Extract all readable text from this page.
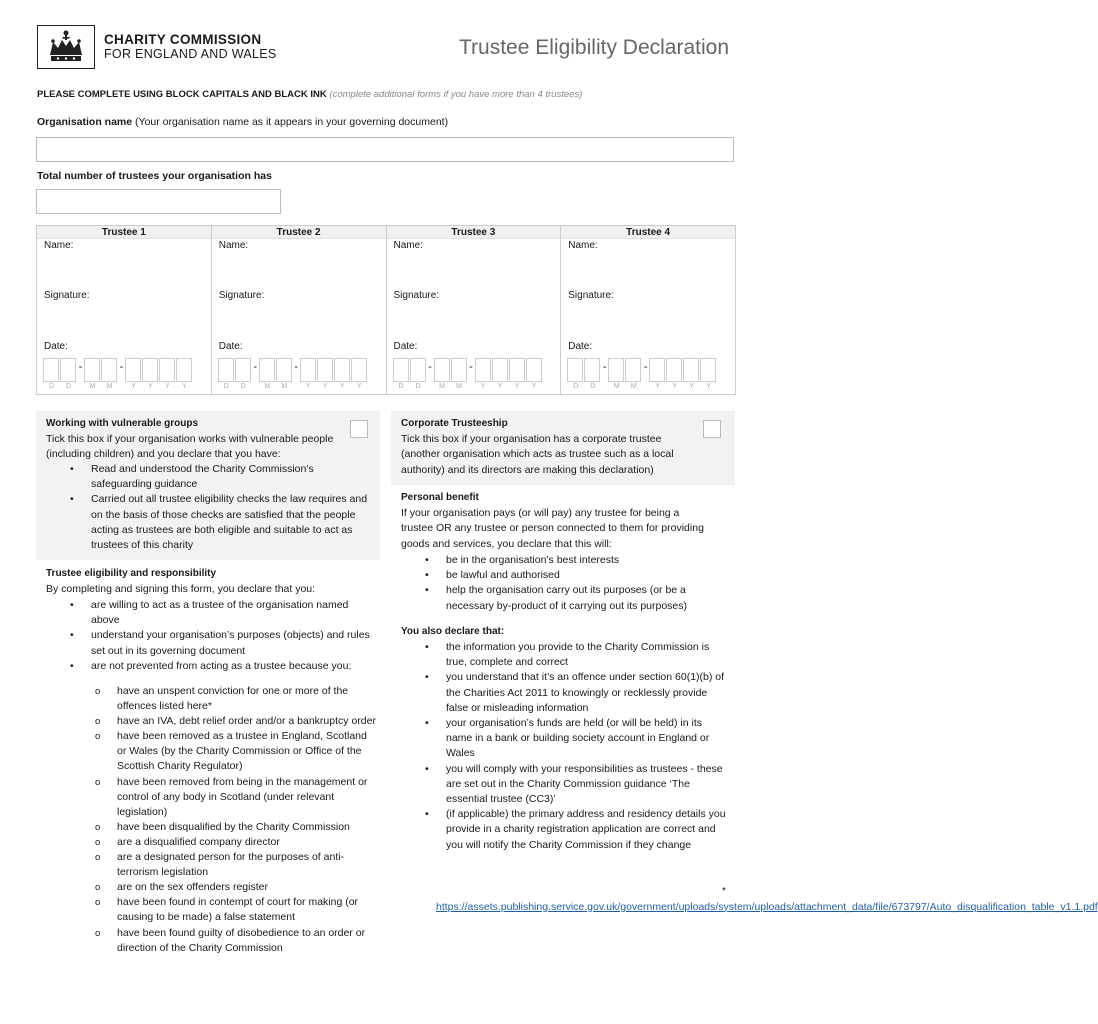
CHARITY COMMISSION
FOR ENGLAND AND WALES	Trustee Eligibility Declaration
PLEASE COMPLETE USING BLOCK CAPITALS AND BLACK INK (complete additional forms if you have more than 4 trustees)
Organisation name (Your organisation name as it appears in your governing document)
Total number of trustees your organisation has
Trustee 1
Name:
Signature:
Date:
-	-
D	D	M	M	Y	Y	Y	Y
Trustee 2
Name:
Signature:
Date:
-	-
D	D	M	M	Y	Y	Y	Y
Trustee 3
Name:
Signature:
Date:
-	-
D	D	M	M	Y	Y	Y	Y
Trustee 4
Name:
Signature:
Date:
-	-
D	D	M	M	Y	Y	Y	Y
Working with vulnerable groups
Tick this box if your organisation works with vulnerable people (including children) and you declare that you have:
• Read and understood the Charity Commission’s safeguarding guidance
• Carried out all trustee eligibility checks the law requires and on the basis of those checks are satisfied that the people acting as trustees are both eligible and suitable to act as trustees of this charity
Corporate Trusteeship
Tick this box if your organisation has a corporate trustee (another organisation which acts as trustee such as a local authority) and its directors are making this declaration)
Trustee eligibility and responsibility
By completing and signing this form, you declare that you:
• are willing to act as a trustee of the organisation named above
• understand your organisation’s purposes (objects) and rules set out in its governing document
• are not prevented from acting as a trustee because you:
o have an unspent conviction for one or more of the offences listed here*
o have an IVA, debt relief order and/or a bankruptcy order
o have been removed as a trustee in England, Scotland or Wales (by the Charity Commission or Office of the Scottish Charity Regulator)
o have been removed from being in the management or control of any body in Scotland (under relevant legislation)
o have been disqualified by the Charity Commission
o are a disqualified company director
o are a designated person for the purposes of anti-terrorism legislation
o are on the sex offenders register
o have been found in contempt of court for making (or causing to be made) a false statement
o have been found guilty of disobedience to an order or direction of the Charity Commission
Personal benefit
If your organisation pays (or will pay) any trustee for being a trustee OR any trustee or person connected to them for providing goods and services, you declare that this will:
• be in the organisation’s best interests
• be lawful and authorised
• help the organisation carry out its purposes (or be a necessary by-product of it carrying out its purposes)
You also declare that:
• the information you provide to the Charity Commission is true, complete and correct
• you understand that it’s an offence under section 60(1)(b) of the Charities Act 2011 to knowingly or recklessly provide false or misleading information
• your organisation’s funds are held (or will be held) in its name in a bank or building society account in England or Wales
• you will comply with your responsibilities as trustees - these are set out in the Charity Commission guidance ‘The essential trustee (CC3)’
• (if applicable) the primary address and residency details you provide in a charity registration application are correct and you will notify the Charity Commission if they change
* https://assets.publishing.service.gov.uk/government/uploads/system/uploads/attachment_data/file/673797/Auto_disqualification_table_v1.1.pdf
